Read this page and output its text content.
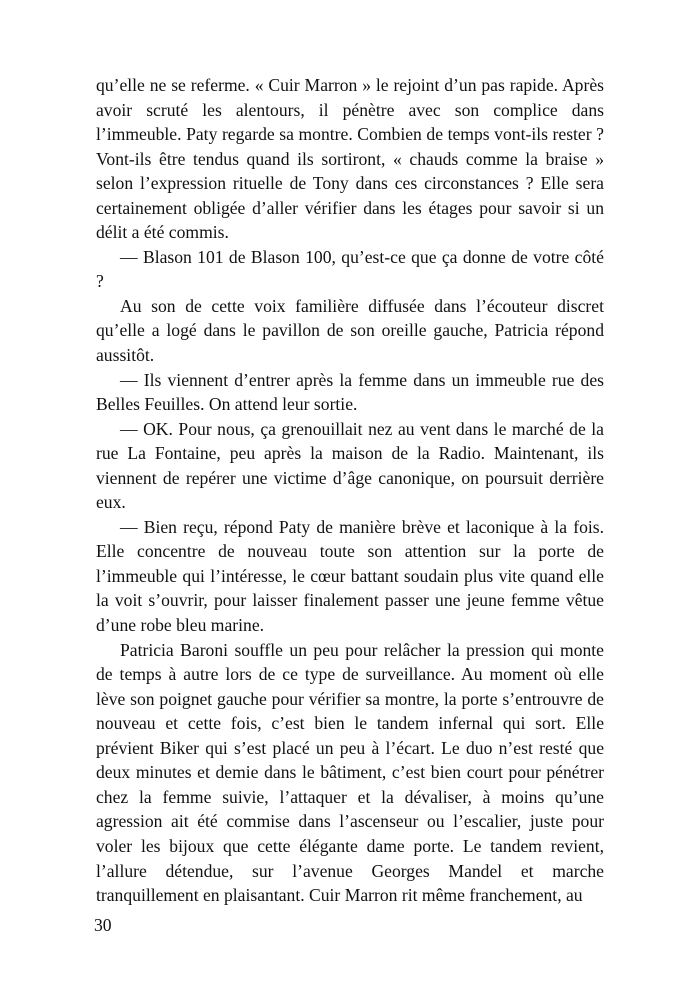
qu’elle ne se referme. « Cuir Marron » le rejoint d’un pas rapide. Après avoir scruté les alentours, il pénètre avec son complice dans l’immeuble. Paty regarde sa montre. Combien de temps vont-ils rester ? Vont-ils être tendus quand ils sortiront, « chauds comme la braise » selon l’expression rituelle de Tony dans ces circonstances ? Elle sera certainement obligée d’aller vérifier dans les étages pour savoir si un délit a été commis.

— Blason 101 de Blason 100, qu’est-ce que ça donne de votre côté ?

Au son de cette voix familière diffusée dans l’écouteur discret qu’elle a logé dans le pavillon de son oreille gauche, Patricia répond aussitôt.

— Ils viennent d’entrer après la femme dans un immeuble rue des Belles Feuilles. On attend leur sortie.

— OK. Pour nous, ça grenouillait nez au vent dans le marché de la rue La Fontaine, peu après la maison de la Radio. Maintenant, ils viennent de repérer une victime d’âge canonique, on poursuit derrière eux.

— Bien reçu, répond Paty de manière brève et laconique à la fois. Elle concentre de nouveau toute son attention sur la porte de l’immeuble qui l’intéresse, le cœur battant soudain plus vite quand elle la voit s’ouvrir, pour laisser finalement passer une jeune femme vêtue d’une robe bleu marine.

Patricia Baroni souffle un peu pour relâcher la pression qui monte de temps à autre lors de ce type de surveillance. Au moment où elle lève son poignet gauche pour vérifier sa montre, la porte s’entrouvre de nouveau et cette fois, c’est bien le tandem infernal qui sort. Elle prévient Biker qui s’est placé un peu à l’écart. Le duo n’est resté que deux minutes et demie dans le bâtiment, c’est bien court pour pénétrer chez la femme suivie, l’attaquer et la dévaliser, à moins qu’une agression ait été commise dans l’ascenseur ou l’escalier, juste pour voler les bijoux que cette élégante dame porte. Le tandem revient, l’allure détendue, sur l’avenue Georges Mandel et marche tranquillement en plaisantant. Cuir Marron rit même franchement, au

30
